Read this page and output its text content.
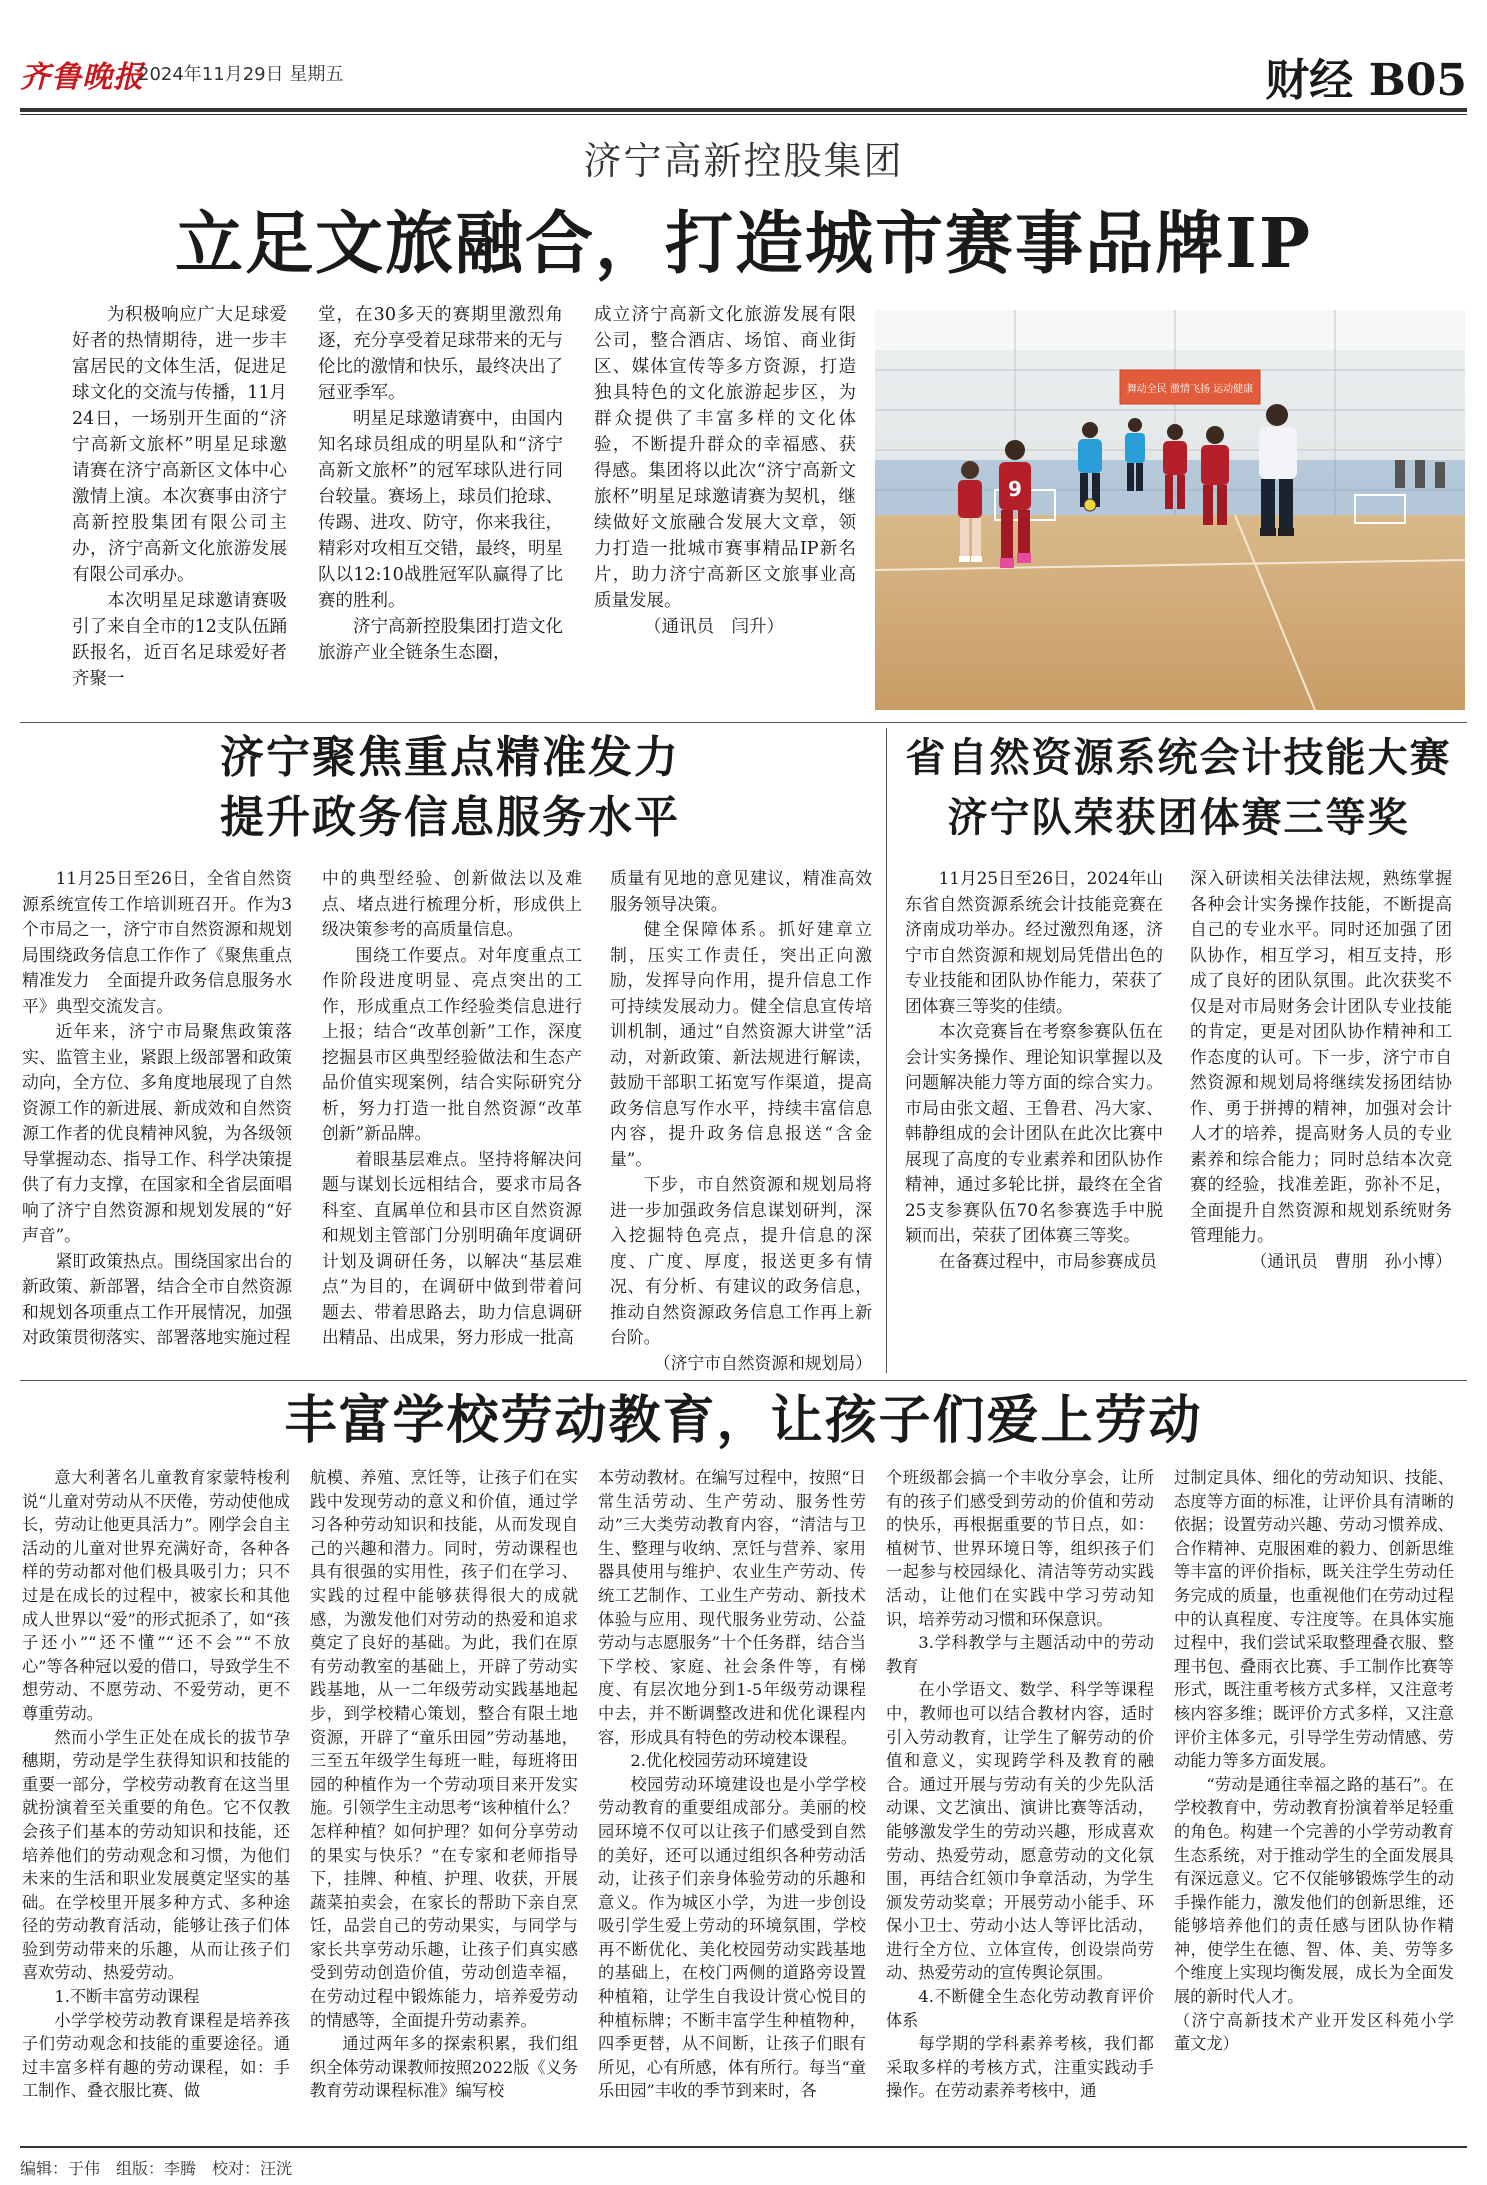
齐鲁晚报
2024年11月29日 星期五	财经 B05
济宁高新控股集团
立足文旅融合，打造城市赛事品牌IP

为积极响应广大足球爱好者的热情期待，进一步丰富居民的文体生活，促进足球文化的交流与传播，11月24日，一场别开生面的“济宁高新文旅杯”明星足球邀请赛在济宁高新区文体中心激情上演。本次赛事由济宁高新控股集团有限公司主办，济宁高新文化旅游发展有限公司承办。

本次明星足球邀请赛吸引了来自全市的12支队伍踊跃报名，近百名足球爱好者齐聚一

堂，在30多天的赛期里激烈角逐，充分享受着足球带来的无与伦比的激情和快乐，最终决出了冠亚季军。

明星足球邀请赛中，由国内知名球员组成的明星队和“济宁高新文旅杯”的冠军球队进行同台较量。赛场上，球员们抢球、传踢、进攻、防守，你来我往，精彩对攻相互交错，最终，明星队以12:10战胜冠军队赢得了比赛的胜利。

济宁高新控股集团打造文化旅游产业全链条生态圈，

成立济宁高新文化旅游发展有限公司，整合酒店、场馆、商业街区、媒体宣传等多方资源，打造独具特色的文化旅游起步区，为群众提供了丰富多样的文化体验，不断提升群众的幸福感、获得感。集团将以此次“济宁高新文旅杯”明星足球邀请赛为契机，继续做好文旅融合发展大文章，领力打造一批城市赛事精品IP新名片，助力济宁高新区文旅事业高质量发展。

（通讯员　闫升）

舞动全民 激情飞扬 运动健康
9
济宁聚焦重点精准发力
提升政务信息服务水平

11月25日至26日，全省自然资源系统宣传工作培训班召开。作为3个市局之一，济宁市自然资源和规划局围绕政务信息工作作了《聚焦重点精准发力　全面提升政务信息服务水平》典型交流发言。

近年来，济宁市局聚焦政策落实、监管主业，紧跟上级部署和政策动向，全方位、多角度地展现了自然资源工作的新进展、新成效和自然资源工作者的优良精神风貌，为各级领导掌握动态、指导工作、科学决策提供了有力支撑，在国家和全省层面唱响了济宁自然资源和规划发展的“好声音”。

紧盯政策热点。围绕国家出台的新政策、新部署，结合全市自然资源和规划各项重点工作开展情况，加强对政策贯彻落实、部署落地实施过程

中的典型经验、创新做法以及难点、堵点进行梳理分析，形成供上级决策参考的高质量信息。

围绕工作要点。对年度重点工作阶段进度明显、亮点突出的工作，形成重点工作经验类信息进行上报；结合“改革创新”工作，深度挖掘县市区典型经验做法和生态产品价值实现案例，结合实际研究分析，努力打造一批自然资源“改革创新”新品牌。

着眼基层难点。坚持将解决问题与谋划长远相结合，要求市局各科室、直属单位和县市区自然资源和规划主管部门分别明确年度调研计划及调研任务，以解决“基层难点”为目的，在调研中做到带着问题去、带着思路去，助力信息调研出精品、出成果，努力形成一批高

质量有见地的意见建议，精准高效服务领导决策。

健全保障体系。抓好建章立制，压实工作责任，突出正向激励，发挥导向作用，提升信息工作可持续发展动力。健全信息宣传培训机制，通过“自然资源大讲堂”活动，对新政策、新法规进行解读，鼓励干部职工拓宽写作渠道，提高政务信息写作水平，持续丰富信息内容，提升政务信息报送“含金量”。

下步，市自然资源和规划局将进一步加强政务信息谋划研判，深入挖掘特色亮点，提升信息的深度、广度、厚度，报送更多有情况、有分析、有建议的政务信息，推动自然资源政务信息工作再上新台阶。

（济宁市自然资源和规划局）

省自然资源系统会计技能大赛
济宁队荣获团体赛三等奖

11月25日至26日，2024年山东省自然资源系统会计技能竞赛在济南成功举办。经过激烈角逐，济宁市自然资源和规划局凭借出色的专业技能和团队协作能力，荣获了团体赛三等奖的佳绩。

本次竞赛旨在考察参赛队伍在会计实务操作、理论知识掌握以及问题解决能力等方面的综合实力。市局由张文超、王鲁君、冯大家、韩静组成的会计团队在此次比赛中展现了高度的专业素养和团队协作精神，通过多轮比拼，最终在全省25支参赛队伍70名参赛选手中脱颖而出，荣获了团体赛三等奖。

在备赛过程中，市局参赛成员

深入研读相关法律法规，熟练掌握各种会计实务操作技能，不断提高自己的专业水平。同时还加强了团队协作，相互学习，相互支持，形成了良好的团队氛围。此次获奖不仅是对市局财务会计团队专业技能的肯定，更是对团队协作精神和工作态度的认可。下一步，济宁市自然资源和规划局将继续发扬团结协作、勇于拼搏的精神，加强对会计人才的培养，提高财务人员的专业素养和综合能力；同时总结本次竞赛的经验，找准差距，弥补不足，全面提升自然资源和规划系统财务管理能力。

（通讯员　曹朋　孙小博）

丰富学校劳动教育，让孩子们爱上劳动

意大利著名儿童教育家蒙特梭利说“儿童对劳动从不厌倦，劳动使他成长，劳动让他更具活力”。刚学会自主活动的儿童对世界充满好奇，各种各样的劳动都对他们极具吸引力；只不过是在成长的过程中，被家长和其他成人世界以“爱”的形式扼杀了，如“孩子还小”“还不懂”“还不会”“不放心”等各种冠以爱的借口，导致学生不想劳动、不愿劳动、不爱劳动，更不尊重劳动。

然而小学生正处在成长的拔节孕穗期，劳动是学生获得知识和技能的重要一部分，学校劳动教育在这当里就扮演着至关重要的角色。它不仅教会孩子们基本的劳动知识和技能，还培养他们的劳动观念和习惯，为他们未来的生活和职业发展奠定坚实的基础。在学校里开展多种方式、多种途径的劳动教育活动，能够让孩子们体验到劳动带来的乐趣，从而让孩子们喜欢劳动、热爱劳动。

1.不断丰富劳动课程

小学学校劳动教育课程是培养孩子们劳动观念和技能的重要途径。通过丰富多样有趣的劳动课程，如：手工制作、叠衣服比赛、做

航模、养殖、烹饪等，让孩子们在实践中发现劳动的意义和价值，通过学习各种劳动知识和技能，从而发现自己的兴趣和潜力。同时，劳动课程也具有很强的实用性，孩子们在学习、实践的过程中能够获得很大的成就感，为激发他们对劳动的热爱和追求奠定了良好的基础。为此，我们在原有劳动教室的基础上，开辟了劳动实践基地，从一二年级劳动实践基地起步，到学校精心策划，整合有限土地资源，开辟了“童乐田园”劳动基地，三至五年级学生每班一畦，每班将田园的种植作为一个劳动项目来开发实施。引领学生主动思考“该种植什么？怎样种植？如何护理？如何分享劳动的果实与快乐？”在专家和老师指导下，挂牌、种植、护理、收获，开展蔬菜拍卖会，在家长的帮助下亲自烹饪，品尝自己的劳动果实，与同学与家长共享劳动乐趣，让孩子们真实感受到劳动创造价值，劳动创造幸福，在劳动过程中锻炼能力，培养爱劳动的情感等，全面提升劳动素养。

通过两年多的探索积累，我们组织全体劳动课教师按照2022版《义务教育劳动课程标准》编写校

本劳动教材。在编写过程中，按照“日常生活劳动、生产劳动、服务性劳动”三大类劳动教育内容，“清洁与卫生、整理与收纳、烹饪与营养、家用器具使用与维护、农业生产劳动、传统工艺制作、工业生产劳动、新技术体验与应用、现代服务业劳动、公益劳动与志愿服务”十个任务群，结合当下学校、家庭、社会条件等，有梯度、有层次地分到1-5年级劳动课程中去，并不断调整改进和优化课程内容，形成具有特色的劳动校本课程。

2.优化校园劳动环境建设

校园劳动环境建设也是小学学校劳动教育的重要组成部分。美丽的校园环境不仅可以让孩子们感受到自然的美好，还可以通过组织各种劳动活动，让孩子们亲身体验劳动的乐趣和意义。作为城区小学，为进一步创设吸引学生爱上劳动的环境氛围，学校再不断优化、美化校园劳动实践基地的基础上，在校门两侧的道路旁设置种植箱，让学生自我设计赏心悦目的种植标牌；不断丰富学生种植物种，四季更替，从不间断，让孩子们眼有所见，心有所感，体有所行。每当“童乐田园”丰收的季节到来时，各

个班级都会搞一个丰收分享会，让所有的孩子们感受到劳动的价值和劳动的快乐，再根据重要的节日点，如：植树节、世界环境日等，组织孩子们一起参与校园绿化、清洁等劳动实践活动，让他们在实践中学习劳动知识，培养劳动习惯和环保意识。

3.学科教学与主题活动中的劳动教育

在小学语文、数学、科学等课程中，教师也可以结合教材内容，适时引入劳动教育，让学生了解劳动的价值和意义，实现跨学科及教育的融合。通过开展与劳动有关的少先队活动课、文艺演出、演讲比赛等活动，能够激发学生的劳动兴趣，形成喜欢劳动、热爱劳动，愿意劳动的文化氛围，再结合红领巾争章活动，为学生颁发劳动奖章；开展劳动小能手、环保小卫士、劳动小达人等评比活动，进行全方位、立体宣传，创设崇尚劳动、热爱劳动的宣传舆论氛围。

4.不断健全生态化劳动教育评价体系

每学期的学科素养考核，我们都采取多样的考核方式，注重实践动手操作。在劳动素养考核中，通

过制定具体、细化的劳动知识、技能、态度等方面的标准，让评价具有清晰的依据；设置劳动兴趣、劳动习惯养成、合作精神、克服困难的毅力、创新思维等丰富的评价指标，既关注学生劳动任务完成的质量，也重视他们在劳动过程中的认真程度、专注度等。在具体实施过程中，我们尝试采取整理叠衣服、整理书包、叠雨衣比赛、手工制作比赛等形式，既注重考核方式多样，又注意考核内容多维；既评价方式多样，又注意评价主体多元，引导学生劳动情感、劳动能力等多方面发展。

“劳动是通往幸福之路的基石”。在学校教育中，劳动教育扮演着举足轻重的角色。构建一个完善的小学劳动教育生态系统，对于推动学生的全面发展具有深远意义。它不仅能够锻炼学生的动手操作能力，激发他们的创新思维，还能够培养他们的责任感与团队协作精神，使学生在德、智、体、美、劳等多个维度上实现均衡发展，成长为全面发展的新时代人才。

（济宁高新技术产业开发区科苑小学　董文龙）

编辑：于伟　组版：李腾　校对：汪洸
